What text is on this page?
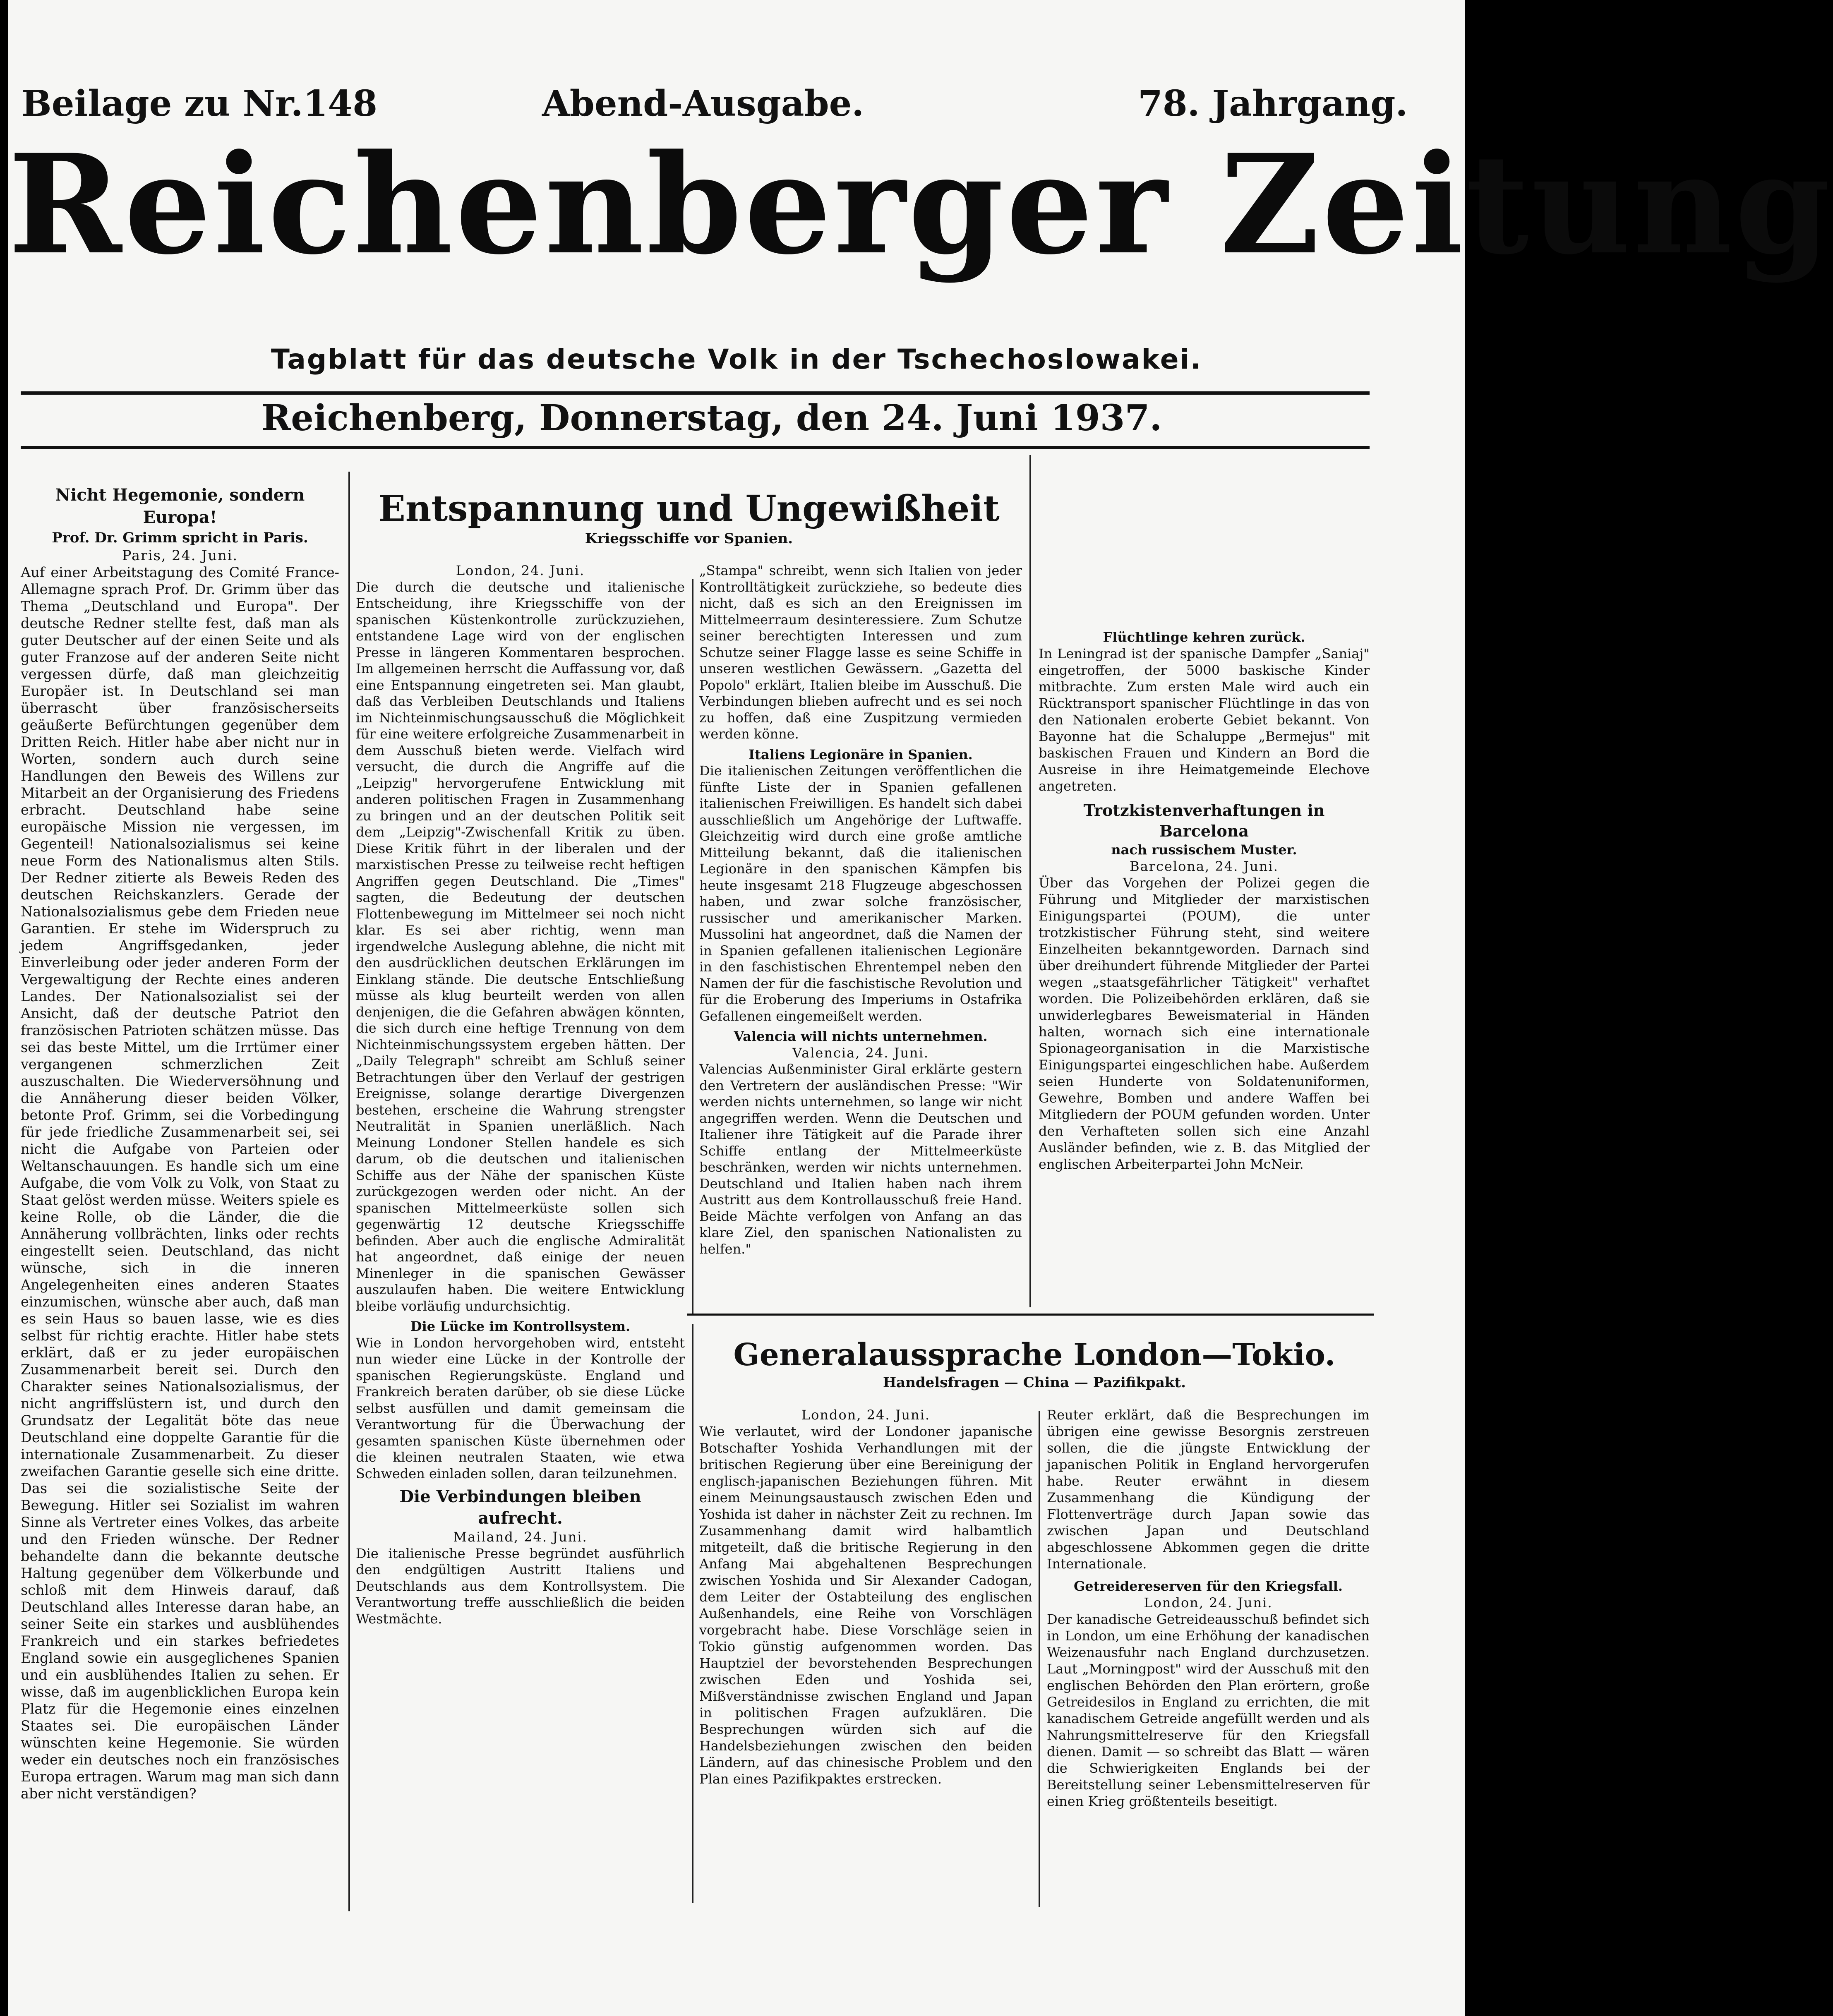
Beilage zu Nr.148	Abend-Ausgabe.	78. Jahrgang.
Reichenberger Zeitung
Tagblatt für das deutsche Volk in der Tschechoslowakei.
Reichenberg, Donnerstag, den 24. Juni 1937.

Nicht Hegemonie, sondern Europa!

Prof. Dr. Grimm spricht in Paris.

Paris, 24. Juni.

Auf einer Arbeitstagung des Comité France-Allemagne sprach Prof. Dr. Grimm über das Thema „Deutschland und Europa". Der deutsche Redner stellte fest, daß man als guter Deutscher auf der einen Seite und als guter Franzose auf der anderen Seite nicht vergessen dürfe, daß man gleichzeitig Europäer ist. In Deutschland sei man überrascht über französischerseits geäußerte Befürchtungen gegenüber dem Dritten Reich. Hitler habe aber nicht nur in Worten, sondern auch durch seine Handlungen den Beweis des Willens zur Mitarbeit an der Organisierung des Friedens erbracht. Deutschland habe seine europäische Mission nie vergessen, im Gegenteil! Nationalsozialismus sei keine neue Form des Nationalismus alten Stils. Der Redner zitierte als Beweis Reden des deutschen Reichskanzlers. Gerade der Nationalsozialismus gebe dem Frieden neue Garantien. Er stehe im Widerspruch zu jedem Angriffsgedanken, jeder Einverleibung oder jeder anderen Form der Vergewaltigung der Rechte eines anderen Landes. Der Nationalsozialist sei der Ansicht, daß der deutsche Patriot den französischen Patrioten schätzen müsse. Das sei das beste Mittel, um die Irrtümer einer vergangenen schmerzlichen Zeit auszuschalten. Die Wiederversöhnung und die Annäherung dieser beiden Völker, betonte Prof. Grimm, sei die Vorbedingung für jede friedliche Zusammenarbeit sei, sei nicht die Aufgabe von Parteien oder Weltanschauungen. Es handle sich um eine Aufgabe, die vom Volk zu Volk, von Staat zu Staat gelöst werden müsse. Weiters spiele es keine Rolle, ob die Länder, die die Annäherung vollbrächten, links oder rechts eingestellt seien. Deutschland, das nicht wünsche, sich in die inneren Angelegenheiten eines anderen Staates einzumischen, wünsche aber auch, daß man es sein Haus so bauen lasse, wie es dies selbst für richtig erachte. Hitler habe stets erklärt, daß er zu jeder europäischen Zusammenarbeit bereit sei. Durch den Charakter seines Nationalsozialismus, der nicht angriffslüstern ist, und durch den Grundsatz der Legalität böte das neue Deutschland eine doppelte Garantie für die internationale Zusammenarbeit. Zu dieser zweifachen Garantie geselle sich eine dritte. Das sei die sozialistische Seite der Bewegung. Hitler sei Sozialist im wahren Sinne als Vertreter eines Volkes, das arbeite und den Frieden wünsche. Der Redner behandelte dann die bekannte deutsche Haltung gegenüber dem Völkerbunde und schloß mit dem Hinweis darauf, daß Deutschland alles Interesse daran habe, an seiner Seite ein starkes und ausblühendes Frankreich und ein starkes befriedetes England sowie ein ausgeglichenes Spanien und ein ausblühendes Italien zu sehen. Er wisse, daß im augenblicklichen Europa kein Platz für die Hegemonie eines einzelnen Staates sei. Die europäischen Länder wünschten keine Hegemonie. Sie würden weder ein deutsches noch ein französisches Europa ertragen. Warum mag man sich dann aber nicht verständigen?

Entspannung und Ungewißheit

Kriegsschiffe vor Spanien.

London, 24. Juni.

Die durch die deutsche und italienische Entscheidung, ihre Kriegsschiffe von der spanischen Küstenkontrolle zurückzuziehen, entstandene Lage wird von der englischen Presse in längeren Kommentaren besprochen. Im allgemeinen herrscht die Auffassung vor, daß eine Entspannung eingetreten sei. Man glaubt, daß das Verbleiben Deutschlands und Italiens im Nichteinmischungsausschuß die Möglichkeit für eine weitere erfolgreiche Zusammenarbeit in dem Ausschuß bieten werde. Vielfach wird versucht, die durch die Angriffe auf die „Leipzig" hervorgerufene Entwicklung mit anderen politischen Fragen in Zusammenhang zu bringen und an der deutschen Politik seit dem „Leipzig"-Zwischenfall Kritik zu üben. Diese Kritik führt in der liberalen und der marxistischen Presse zu teilweise recht heftigen Angriffen gegen Deutschland. Die „Times" sagten, die Bedeutung der deutschen Flottenbewegung im Mittelmeer sei noch nicht klar. Es sei aber richtig, wenn man irgendwelche Auslegung ablehne, die nicht mit den ausdrücklichen deutschen Erklärungen im Einklang stände. Die deutsche Entschließung müsse als klug beurteilt werden von allen denjenigen, die die Gefahren abwägen könnten, die sich durch eine heftige Trennung von dem Nichteinmischungssystem ergeben hätten. Der „Daily Telegraph" schreibt am Schluß seiner Betrachtungen über den Verlauf der gestrigen Ereignisse, solange derartige Divergenzen bestehen, erscheine die Wahrung strengster Neutralität in Spanien unerläßlich. Nach Meinung Londoner Stellen handele es sich darum, ob die deutschen und italienischen Schiffe aus der Nähe der spanischen Küste zurückgezogen werden oder nicht. An der spanischen Mittelmeerküste sollen sich gegenwärtig 12 deutsche Kriegsschiffe befinden. Aber auch die englische Admiralität hat angeordnet, daß einige der neuen Minenleger in die spanischen Gewässer auszulaufen haben. Die weitere Entwicklung bleibe vorläufig undurchsichtig.

Die Lücke im Kontrollsystem.

Wie in London hervorgehoben wird, entsteht nun wieder eine Lücke in der Kontrolle der spanischen Regierungsküste. England und Frankreich beraten darüber, ob sie diese Lücke selbst ausfüllen und damit gemeinsam die Verantwortung für die Überwachung der gesamten spanischen Küste übernehmen oder die kleinen neutralen Staaten, wie etwa Schweden einladen sollen, daran teilzunehmen.

Die Verbindungen bleiben aufrecht.

Mailand, 24. Juni.

Die italienische Presse begründet ausführlich den endgültigen Austritt Italiens und Deutschlands aus dem Kontrollsystem. Die Verantwortung treffe ausschließlich die beiden Westmächte.

„Stampa" schreibt, wenn sich Italien von jeder Kontrolltätigkeit zurückziehe, so bedeute dies nicht, daß es sich an den Ereignissen im Mittelmeerraum desinteressiere. Zum Schutze seiner berechtigten Interessen und zum Schutze seiner Flagge lasse es seine Schiffe in unseren westlichen Gewässern. „Gazetta del Popolo" erklärt, Italien bleibe im Ausschuß. Die Verbindungen blieben aufrecht und es sei noch zu hoffen, daß eine Zuspitzung vermieden werden könne.

Italiens Legionäre in Spanien.

Die italienischen Zeitungen veröffentlichen die fünfte Liste der in Spanien gefallenen italienischen Freiwilligen. Es handelt sich dabei ausschließlich um Angehörige der Luftwaffe. Gleichzeitig wird durch eine große amtliche Mitteilung bekannt, daß die italienischen Legionäre in den spanischen Kämpfen bis heute insgesamt 218 Flugzeuge abgeschossen haben, und zwar solche französischer, russischer und amerikanischer Marken. Mussolini hat angeordnet, daß die Namen der in Spanien gefallenen italienischen Legionäre in den faschistischen Ehrentempel neben den Namen der für die faschistische Revolution und für die Eroberung des Imperiums in Ostafrika Gefallenen eingemeißelt werden.

Valencia will nichts unternehmen.

Valencia, 24. Juni.

Valencias Außenminister Giral erklärte gestern den Vertretern der ausländischen Presse: "Wir werden nichts unternehmen, so lange wir nicht angegriffen werden. Wenn die Deutschen und Italiener ihre Tätigkeit auf die Parade ihrer Schiffe entlang der Mittelmeerküste beschränken, werden wir nichts unternehmen. Deutschland und Italien haben nach ihrem Austritt aus dem Kontrollausschuß freie Hand. Beide Mächte verfolgen von Anfang an das klare Ziel, den spanischen Nationalisten zu helfen."

Flüchtlinge kehren zurück.

In Leningrad ist der spanische Dampfer „Saniaj" eingetroffen, der 5000 baskische Kinder mitbrachte. Zum ersten Male wird auch ein Rücktransport spanischer Flüchtlinge in das von den Nationalen eroberte Gebiet bekannt. Von Bayonne hat die Schaluppe „Bermejus" mit baskischen Frauen und Kindern an Bord die Ausreise in ihre Heimatgemeinde Elechove angetreten.

Trotzkistenverhaftungen in Barcelona

nach russischem Muster.

Barcelona, 24. Juni.

Über das Vorgehen der Polizei gegen die Führung und Mitglieder der marxistischen Einigungspartei (POUM), die unter trotzkistischer Führung steht, sind weitere Einzelheiten bekanntgeworden. Darnach sind über dreihundert führende Mitglieder der Partei wegen „staatsgefährlicher Tätigkeit" verhaftet worden. Die Polizeibehörden erklären, daß sie unwiderlegbares Beweismaterial in Händen halten, wornach sich eine internationale Spionageorganisation in die Marxistische Einigungspartei eingeschlichen habe. Außerdem seien Hunderte von Soldatenuniformen, Gewehre, Bomben und andere Waffen bei Mitgliedern der POUM gefunden worden. Unter den Verhafteten sollen sich eine Anzahl Ausländer befinden, wie z. B. das Mitglied der englischen Arbeiterpartei John McNeir.

Generalaussprache London—Tokio.

Handelsfragen — China — Pazifikpakt.

London, 24. Juni.

Wie verlautet, wird der Londoner japanische Botschafter Yoshida Verhandlungen mit der britischen Regierung über eine Bereinigung der englisch-japanischen Beziehungen führen. Mit einem Meinungsaustausch zwischen Eden und Yoshida ist daher in nächster Zeit zu rechnen. Im Zusammenhang damit wird halbamtlich mitgeteilt, daß die britische Regierung in den Anfang Mai abgehaltenen Besprechungen zwischen Yoshida und Sir Alexander Cadogan, dem Leiter der Ostabteilung des englischen Außenhandels, eine Reihe von Vorschlägen vorgebracht habe. Diese Vorschläge seien in Tokio günstig aufgenommen worden. Das Hauptziel der bevorstehenden Besprechungen zwischen Eden und Yoshida sei, Mißverständnisse zwischen England und Japan in politischen Fragen aufzuklären. Die Besprechungen würden sich auf die Handelsbeziehungen zwischen den beiden Ländern, auf das chinesische Problem und den Plan eines Pazifikpaktes erstrecken.

Reuter erklärt, daß die Besprechungen im übrigen eine gewisse Besorgnis zerstreuen sollen, die die jüngste Entwicklung der japanischen Politik in England hervorgerufen habe. Reuter erwähnt in diesem Zusammenhang die Kündigung der Flottenverträge durch Japan sowie das zwischen Japan und Deutschland abgeschlossene Abkommen gegen die dritte Internationale.

Getreidereserven für den Kriegsfall.

London, 24. Juni.

Der kanadische Getreideausschuß befindet sich in London, um eine Erhöhung der kanadischen Weizenausfuhr nach England durchzusetzen. Laut „Morningpost" wird der Ausschuß mit den englischen Behörden den Plan erörtern, große Getreidesilos in England zu errichten, die mit kanadischem Getreide angefüllt werden und als Nahrungsmittelreserve für den Kriegsfall dienen. Damit — so schreibt das Blatt — wären die Schwierigkeiten Englands bei der Bereitstellung seiner Lebensmittelreserven für einen Krieg größtenteils beseitigt.
